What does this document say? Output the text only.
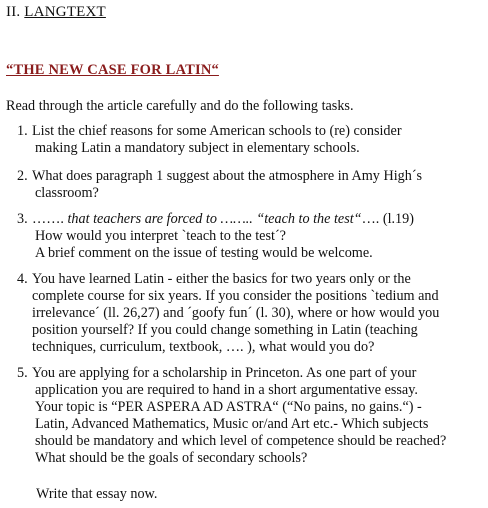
II. LANGTEXT
“THE NEW CASE FOR LATIN“
Read through the article carefully and do the following tasks.
1. List the chief reasons for some American schools to (re) consider
making Latin a mandatory subject in elementary schools.
2. What does paragraph 1 suggest about the atmosphere in Amy High´s
classroom?
3. ……. that teachers are forced to …….. “teach to the test“…. (l.19)
How would you interpret `teach to the test´?
A brief comment on the issue of testing would be welcome.
4. You have learned Latin - either the basics for two years only or the
complete course for six years. If you consider the positions `tedium and
irrelevance´ (ll. 26,27) and ´goofy fun´ (l. 30), where or how would you
position yourself? If you could change something in Latin (teaching
techniques, curriculum, textbook, …. ), what would you do?
5. You are applying for a scholarship in Princeton. As one part of your
application you are required to hand in a short argumentative essay.
Your topic is “PER ASPERA AD ASTRA“ (“No pains, no gains.“) -
Latin, Advanced Mathematics, Music or/and Art etc.- Which subjects
should be mandatory and which level of competence should be reached?
What should be the goals of secondary schools?
Write that essay now.
